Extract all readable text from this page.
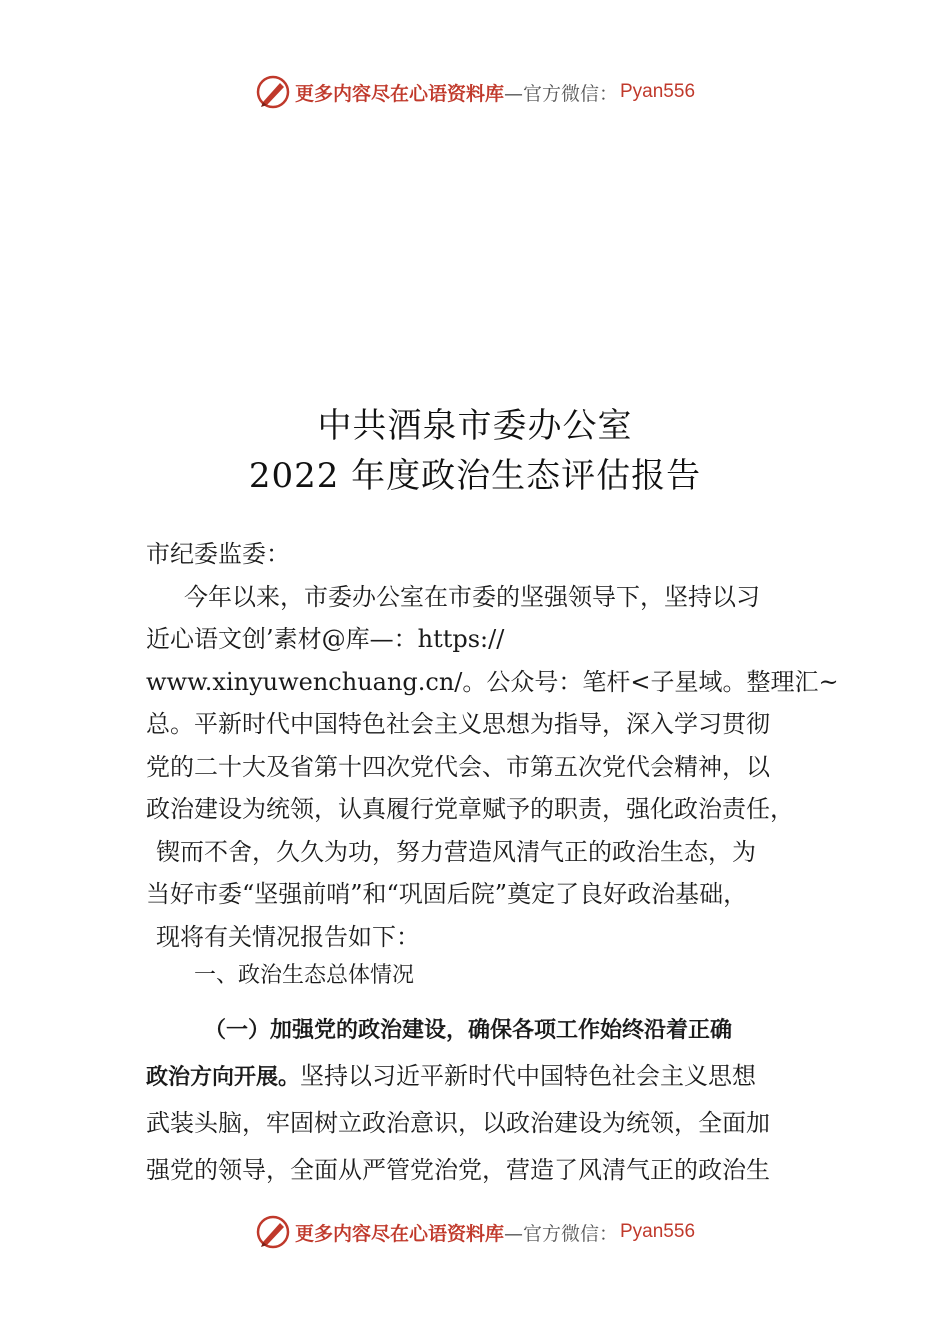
更多内容尽在心语资料库 —官方微信： Pyan556
中共酒泉市委办公室
2022 年度政治生态评估报告
市纪委监委：
今年以来，市委办公室在市委的坚强领导下，坚持以习
近心语文创’素材@库—：https://
www.xinyuwenchuang.cn/。公众号：笔杆<子星域。整理汇~
总。平新时代中国特色社会主义思想为指导，深入学习贯彻
党的二十大及省第十四次党代会、市第五次党代会精神，以
政治建设为统领，认真履行党章赋予的职责，强化政治责任，
锲而不舍，久久为功，努力营造风清气正的政治生态，为
当好市委“坚强前哨”和“巩固后院”奠定了良好政治基础，
现将有关情况报告如下：
一、政治生态总体情况
（一）加强党的政治建设，确保各项工作始终沿着正确
政治方向开展。坚持以习近平新时代中国特色社会主义思想
武装头脑，牢固树立政治意识，以政治建设为统领，全面加
强党的领导，全面从严管党治党，营造了风清气正的政治生
更多内容尽在心语资料库 —官方微信： Pyan556
